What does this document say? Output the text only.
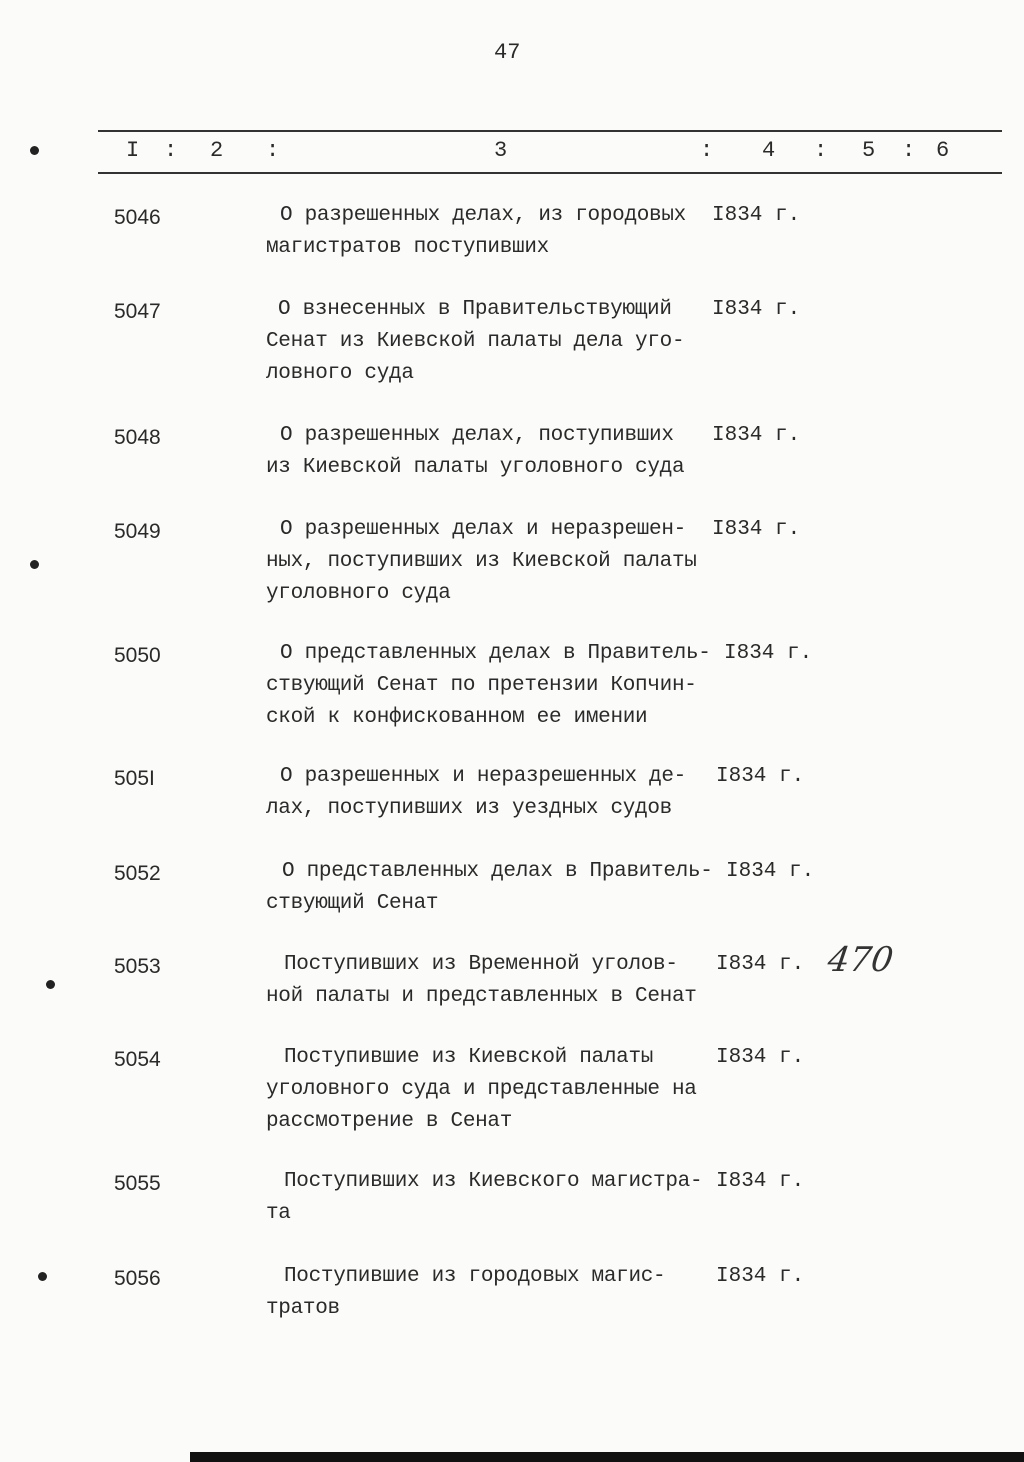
47
I : 2 :	3	: 4 : 5 : 6
5046	О разрешенных делах, из городовых
магистратов поступивших
I834 г.
5047	О взнесенных в Правительствующий
Сенат из Киевской палаты дела уго-
ловного суда
I834 г.
5048	О разрешенных делах, поступивших
из Киевской палаты уголовного суда
I834 г.
5049	О разрешенных делах и неразрешен-
ных, поступивших из Киевской палаты
уголовного суда
I834 г.
5050	О представленных делах в Правитель-
ствующий Сенат по претензии Копчин-
ской к конфискованном ее имении
I834 г.
505I	О разрешенных и неразрешенных де-
лах, поступивших из уездных судов
I834 г.
5052	О представленных делах в Правитель-
ствующий Сенат
I834 г.
5053	Поступивших из Временной уголов-
ной палаты и представленных в Сенат
I834 г. 470
5054	Поступившие из Киевской палаты
уголовного суда и представленные на
рассмотрение в Сенат
I834 г.
5055	Поступивших из Киевского магистра-
та
I834 г.
5056	Поступившие из городовых магис-
тратов
I834 г.
